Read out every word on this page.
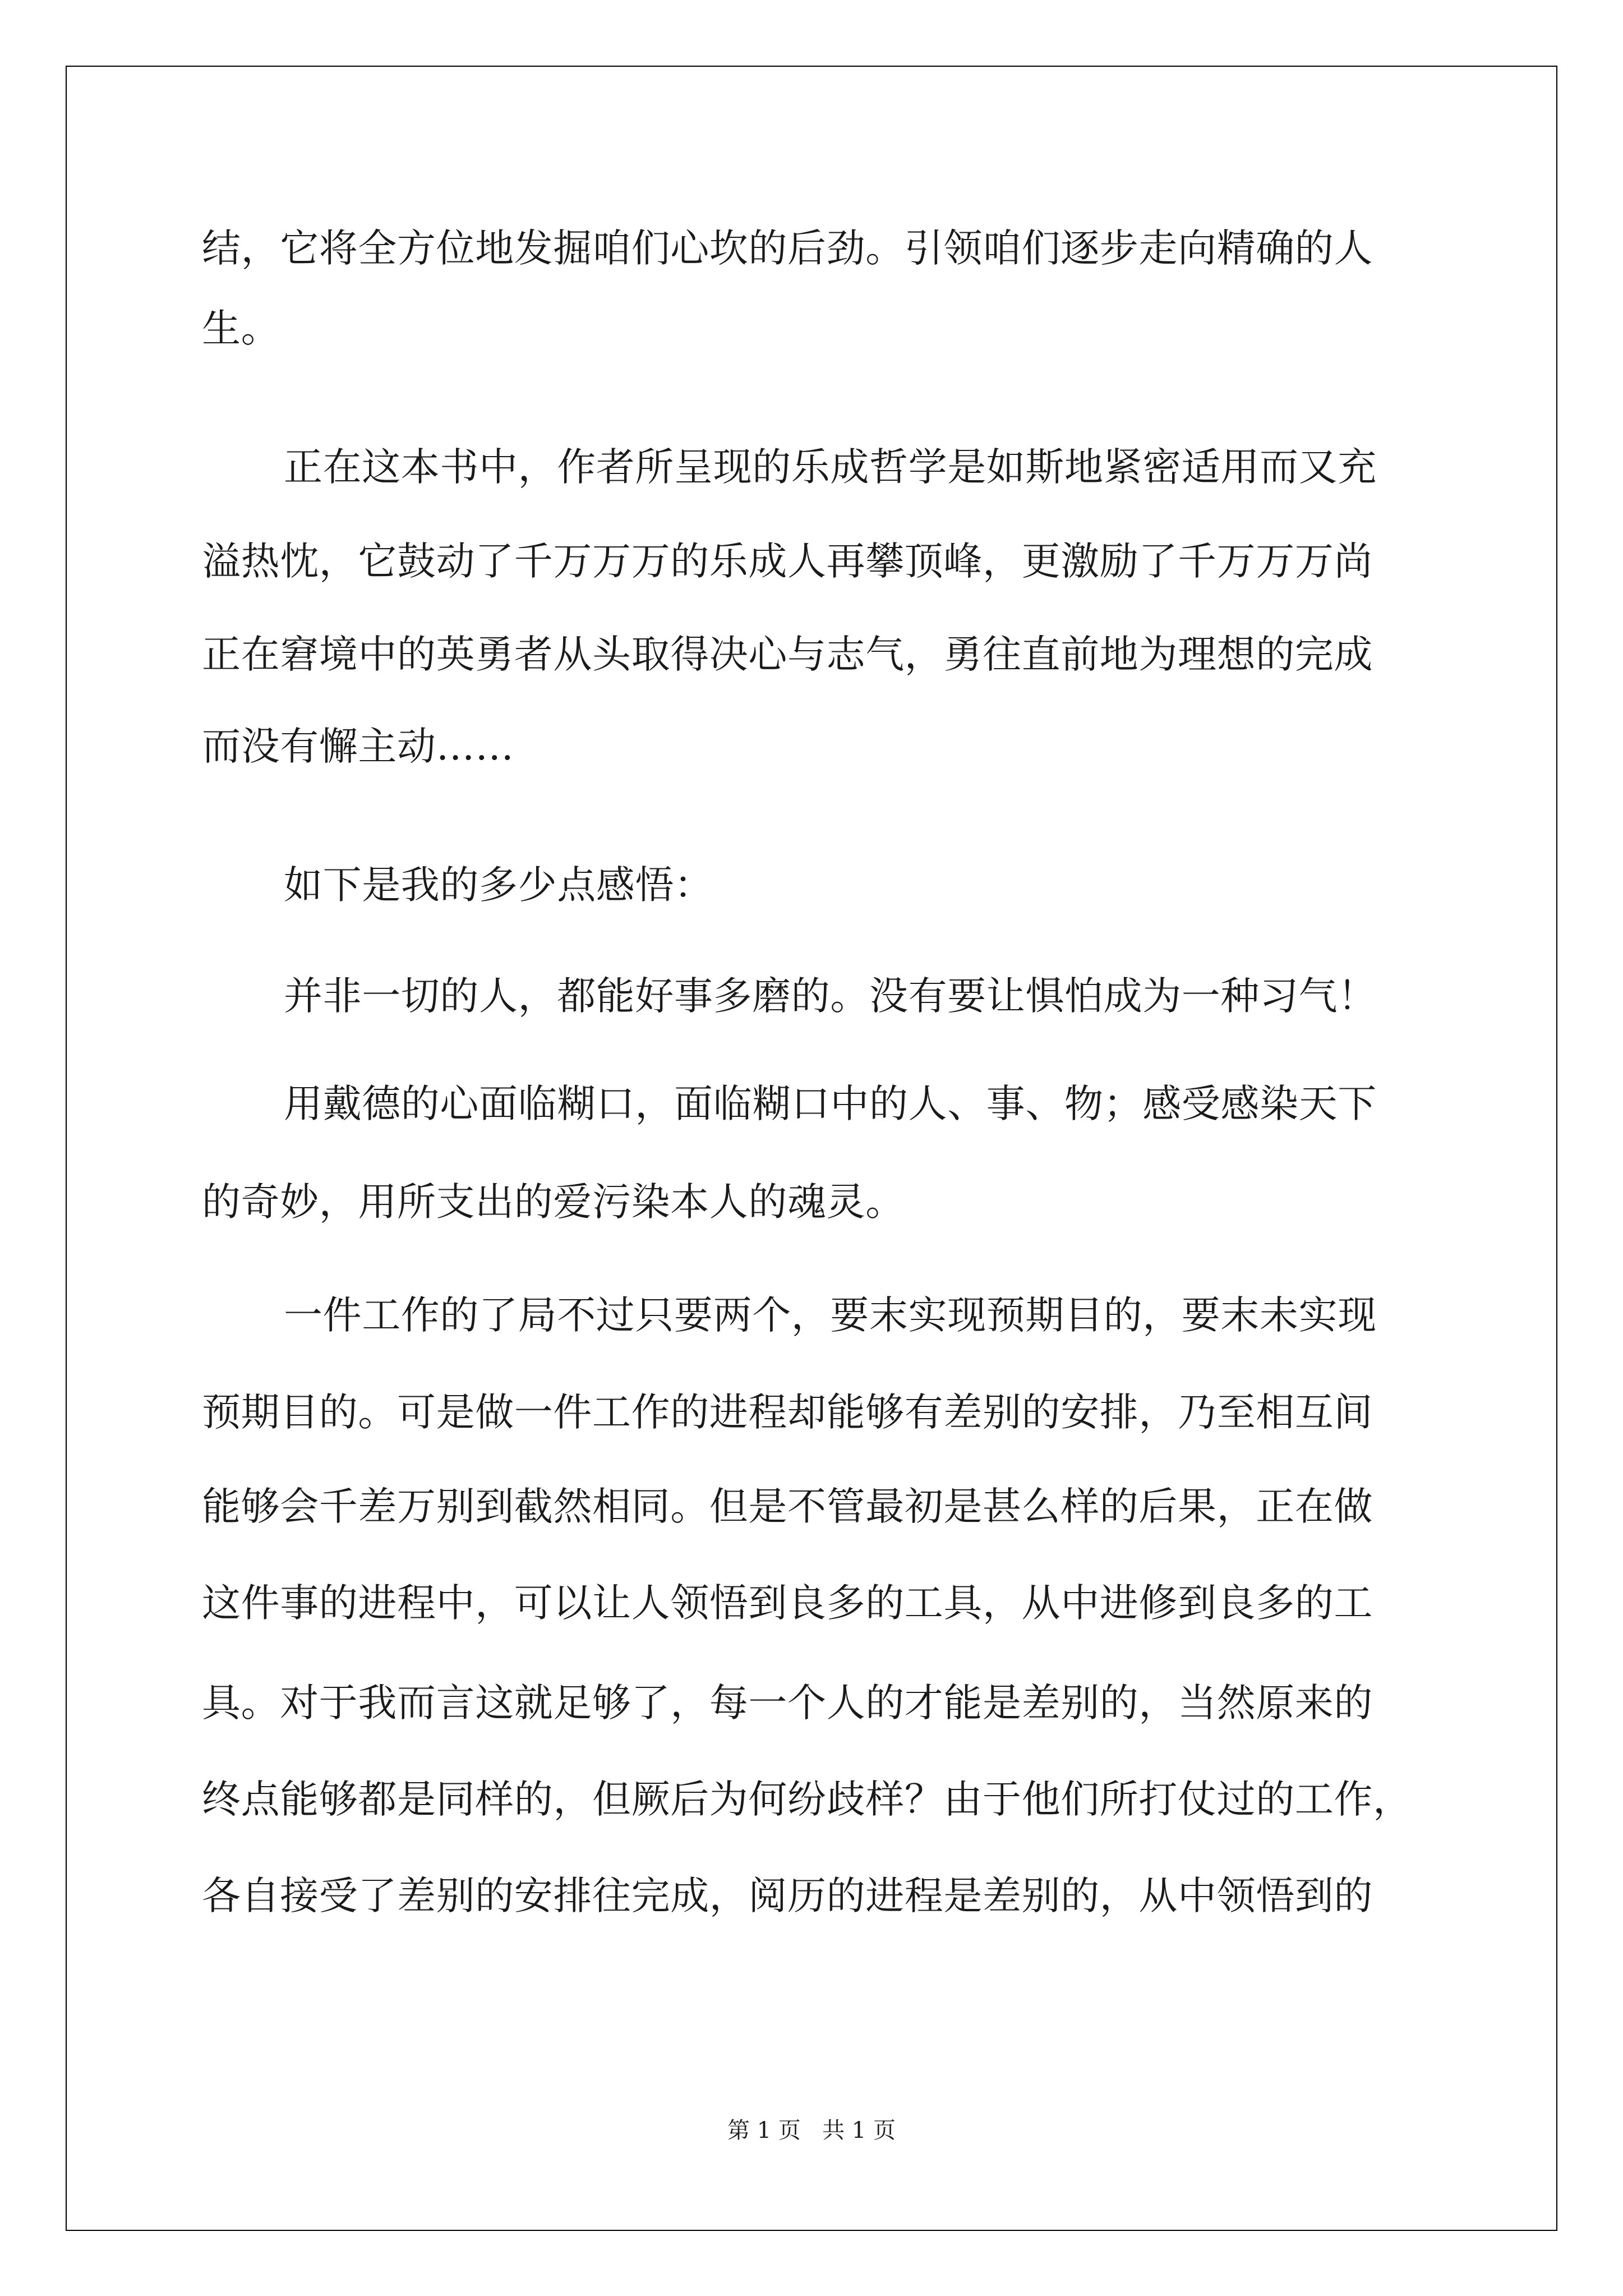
结，它将全方位地发掘咱们心坎的后劲。引领咱们逐步走向精确的人

生。

正在这本书中，作者所呈现的乐成哲学是如斯地紧密适用而又充

溢热忱，它鼓动了千万万万的乐成人再攀顶峰，更激励了千万万万尚

正在窘境中的英勇者从头取得决心与志气，勇往直前地为理想的完成

而没有懈主动……

如下是我的多少点感悟：

并非一切的人，都能好事多磨的。没有要让惧怕成为一种习气！

用戴德的心面临糊口，面临糊口中的人、事、物；感受感染天下

的奇妙，用所支出的爱污染本人的魂灵。

一件工作的了局不过只要两个，要末实现预期目的，要末未实现

预期目的。可是做一件工作的进程却能够有差别的安排，乃至相互间

能够会千差万别到截然相同。但是不管最初是甚么样的后果，正在做

这件事的进程中，可以让人领悟到良多的工具，从中进修到良多的工

具。对于我而言这就足够了，每一个人的才能是差别的，当然原来的

终点能够都是同样的，但厥后为何纷歧样？由于他们所打仗过的工作，

各自接受了差别的安排往完成，阅历的进程是差别的，从中领悟到的

第 1 页   共 1 页
